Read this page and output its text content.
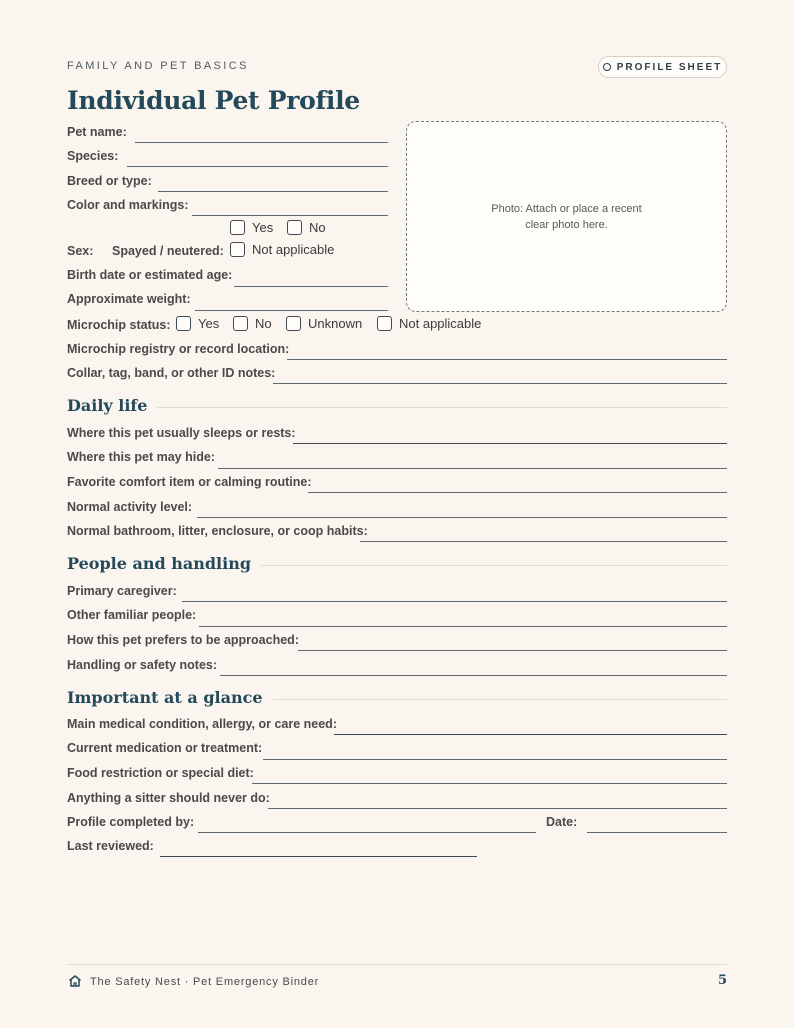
FAMILY AND PET BASICS	PROFILE SHEET
Individual Pet Profile
Photo: Attach or place a recent clear photo here.
Pet name:
Species:
Breed or type:
Color and markings:
Yes	No
Sex: Spayed / neutered: Not applicable
Birth date or estimated age:
Approximate weight:
Microchip status: Yes	No	Unknown	Not applicable
Microchip registry or record location:
Collar, tag, band, or other ID notes:
Daily life
Where this pet usually sleeps or rests:
Where this pet may hide:
Favorite comfort item or calming routine:
Normal activity level:
Normal bathroom, litter, enclosure, or coop habits:
People and handling
Primary caregiver:
Other familiar people:
How this pet prefers to be approached:
Handling or safety notes:
Important at a glance
Main medical condition, allergy, or care need:
Current medication or treatment:
Food restriction or special diet:
Anything a sitter should never do:
Profile completed by:	Date:
Last reviewed:
The Safety Nest · Pet Emergency Binder	5
